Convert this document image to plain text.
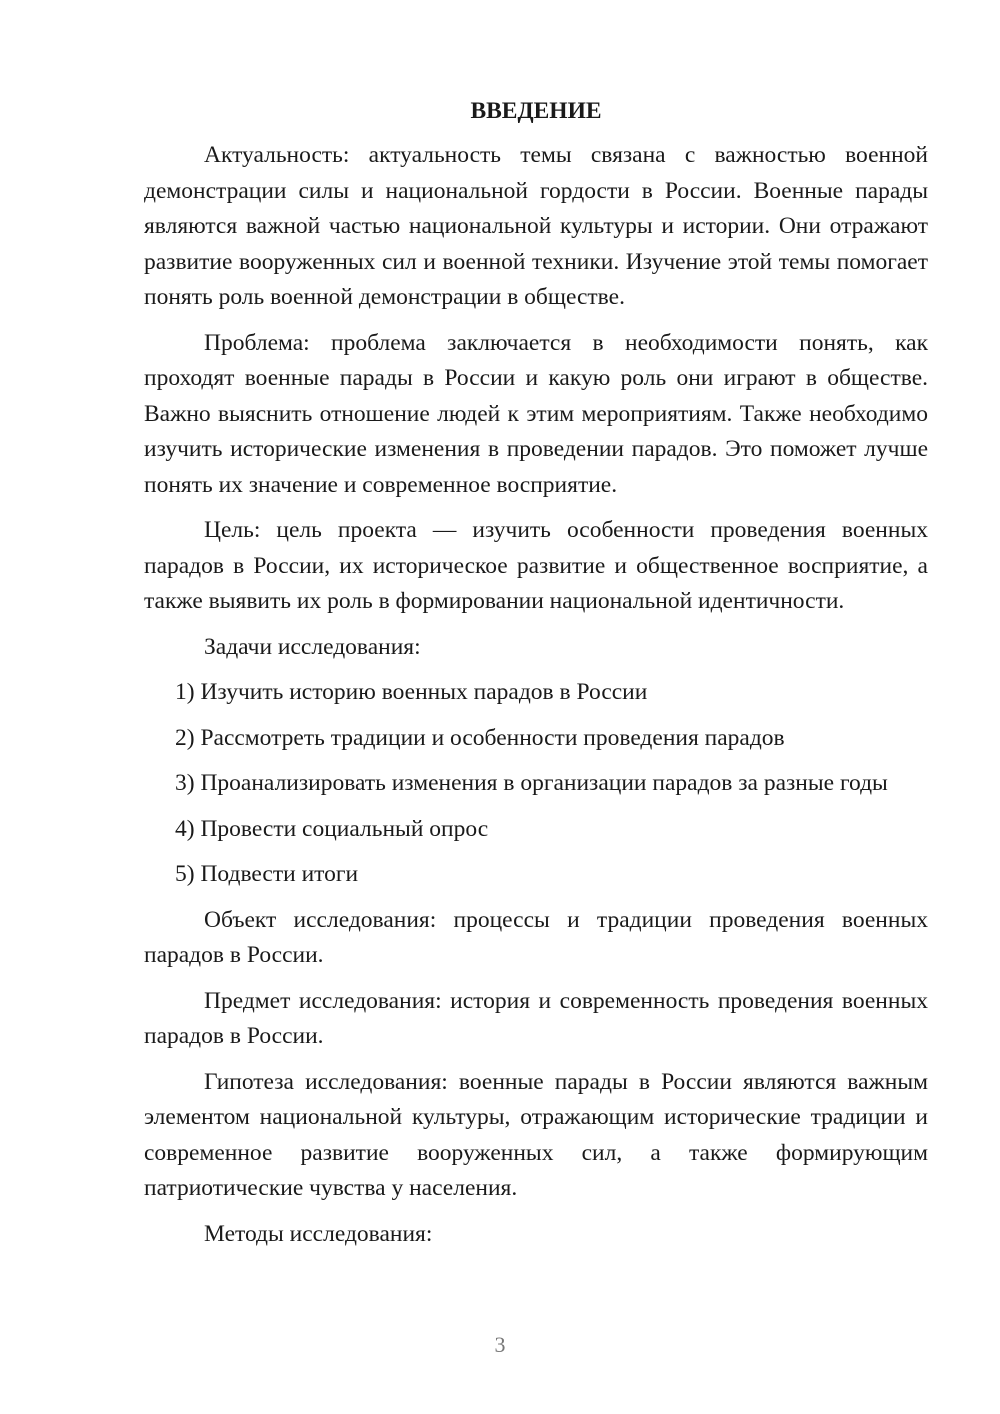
ВВЕДЕНИЕ
Актуальность: актуальность темы связана с важностью военной демонстрации силы и национальной гордости в России. Военные парады являются важной частью национальной культуры и истории. Они отражают развитие вооруженных сил и военной техники. Изучение этой темы помогает понять роль военной демонстрации в обществе.
Проблема: проблема заключается в необходимости понять, как проходят военные парады в России и какую роль они играют в обществе. Важно выяснить отношение людей к этим мероприятиям. Также необходимо изучить исторические изменения в проведении парадов. Это поможет лучше понять их значение и современное восприятие.
Цель: цель проекта — изучить особенности проведения военных парадов в России, их историческое развитие и общественное восприятие, а также выявить их роль в формировании национальной идентичности.
Задачи исследования:
1) Изучить историю военных парадов в России
2) Рассмотреть традиции и особенности проведения парадов
3) Проанализировать изменения в организации парадов за разные годы
4) Провести социальный опрос
5) Подвести итоги
Объект исследования: процессы и традиции проведения военных парадов в России.
Предмет исследования: история и современность проведения военных парадов в России.
Гипотеза исследования: военные парады в России являются важным элементом национальной культуры, отражающим исторические традиции и современное развитие вооруженных сил, а также формирующим патриотические чувства у населения.
Методы исследования:
3
